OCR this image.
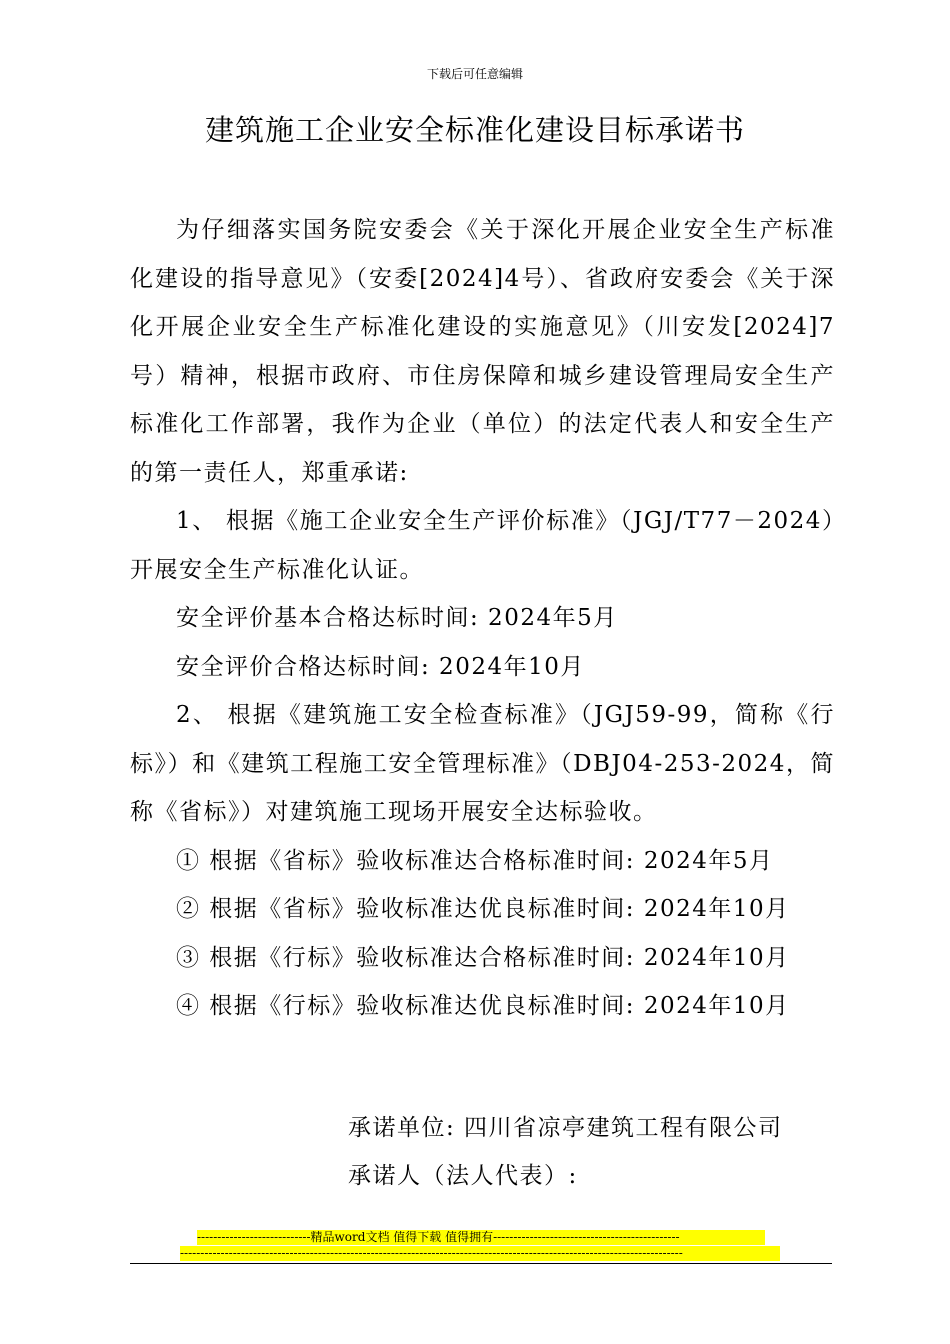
下载后可任意编辑
建筑施工企业安全标准化建设目标承诺书

为仔细落实国务院安委会《关于深化开展企业安全生产标准化建设的指导意见》（安委[2024]4号）、省政府安委会《关于深化开展企业安全生产标准化建设的实施意见》（川安发[2024]7号）精神，根据市政府、市住房保障和城乡建设管理局安全生产标准化工作部署，我作为企业（单位）的法定代表人和安全生产的第一责任人，郑重承诺:

1、 根据《施工企业安全生产评价标准》（JGJ/T77－2024）开展安全生产标准化认证。

安全评价基本合格达标时间: 2024年5月

安全评价合格达标时间: 2024年10月

2、 根据《建筑施工安全检查标准》（JGJ59-99，简称《行标》）和《建筑工程施工安全管理标准》（DBJ04-253-2024，简称《省标》）对建筑施工现场开展安全达标验收。

① 根据《省标》验收标准达合格标准时间: 2024年5月

② 根据《省标》验收标准达优良标准时间: 2024年10月

③ 根据《行标》验收标准达合格标准时间: 2024年10月

④ 根据《行标》验收标准达优良标准时间: 2024年10月

承诺单位: 四川省凉亭建筑工程有限公司
承诺人（法人代表）:
----------------------------精品word文档 值得下载 值得拥有----------------------------------------------
----------------------------------------------------------------------------------------------------------------------------
